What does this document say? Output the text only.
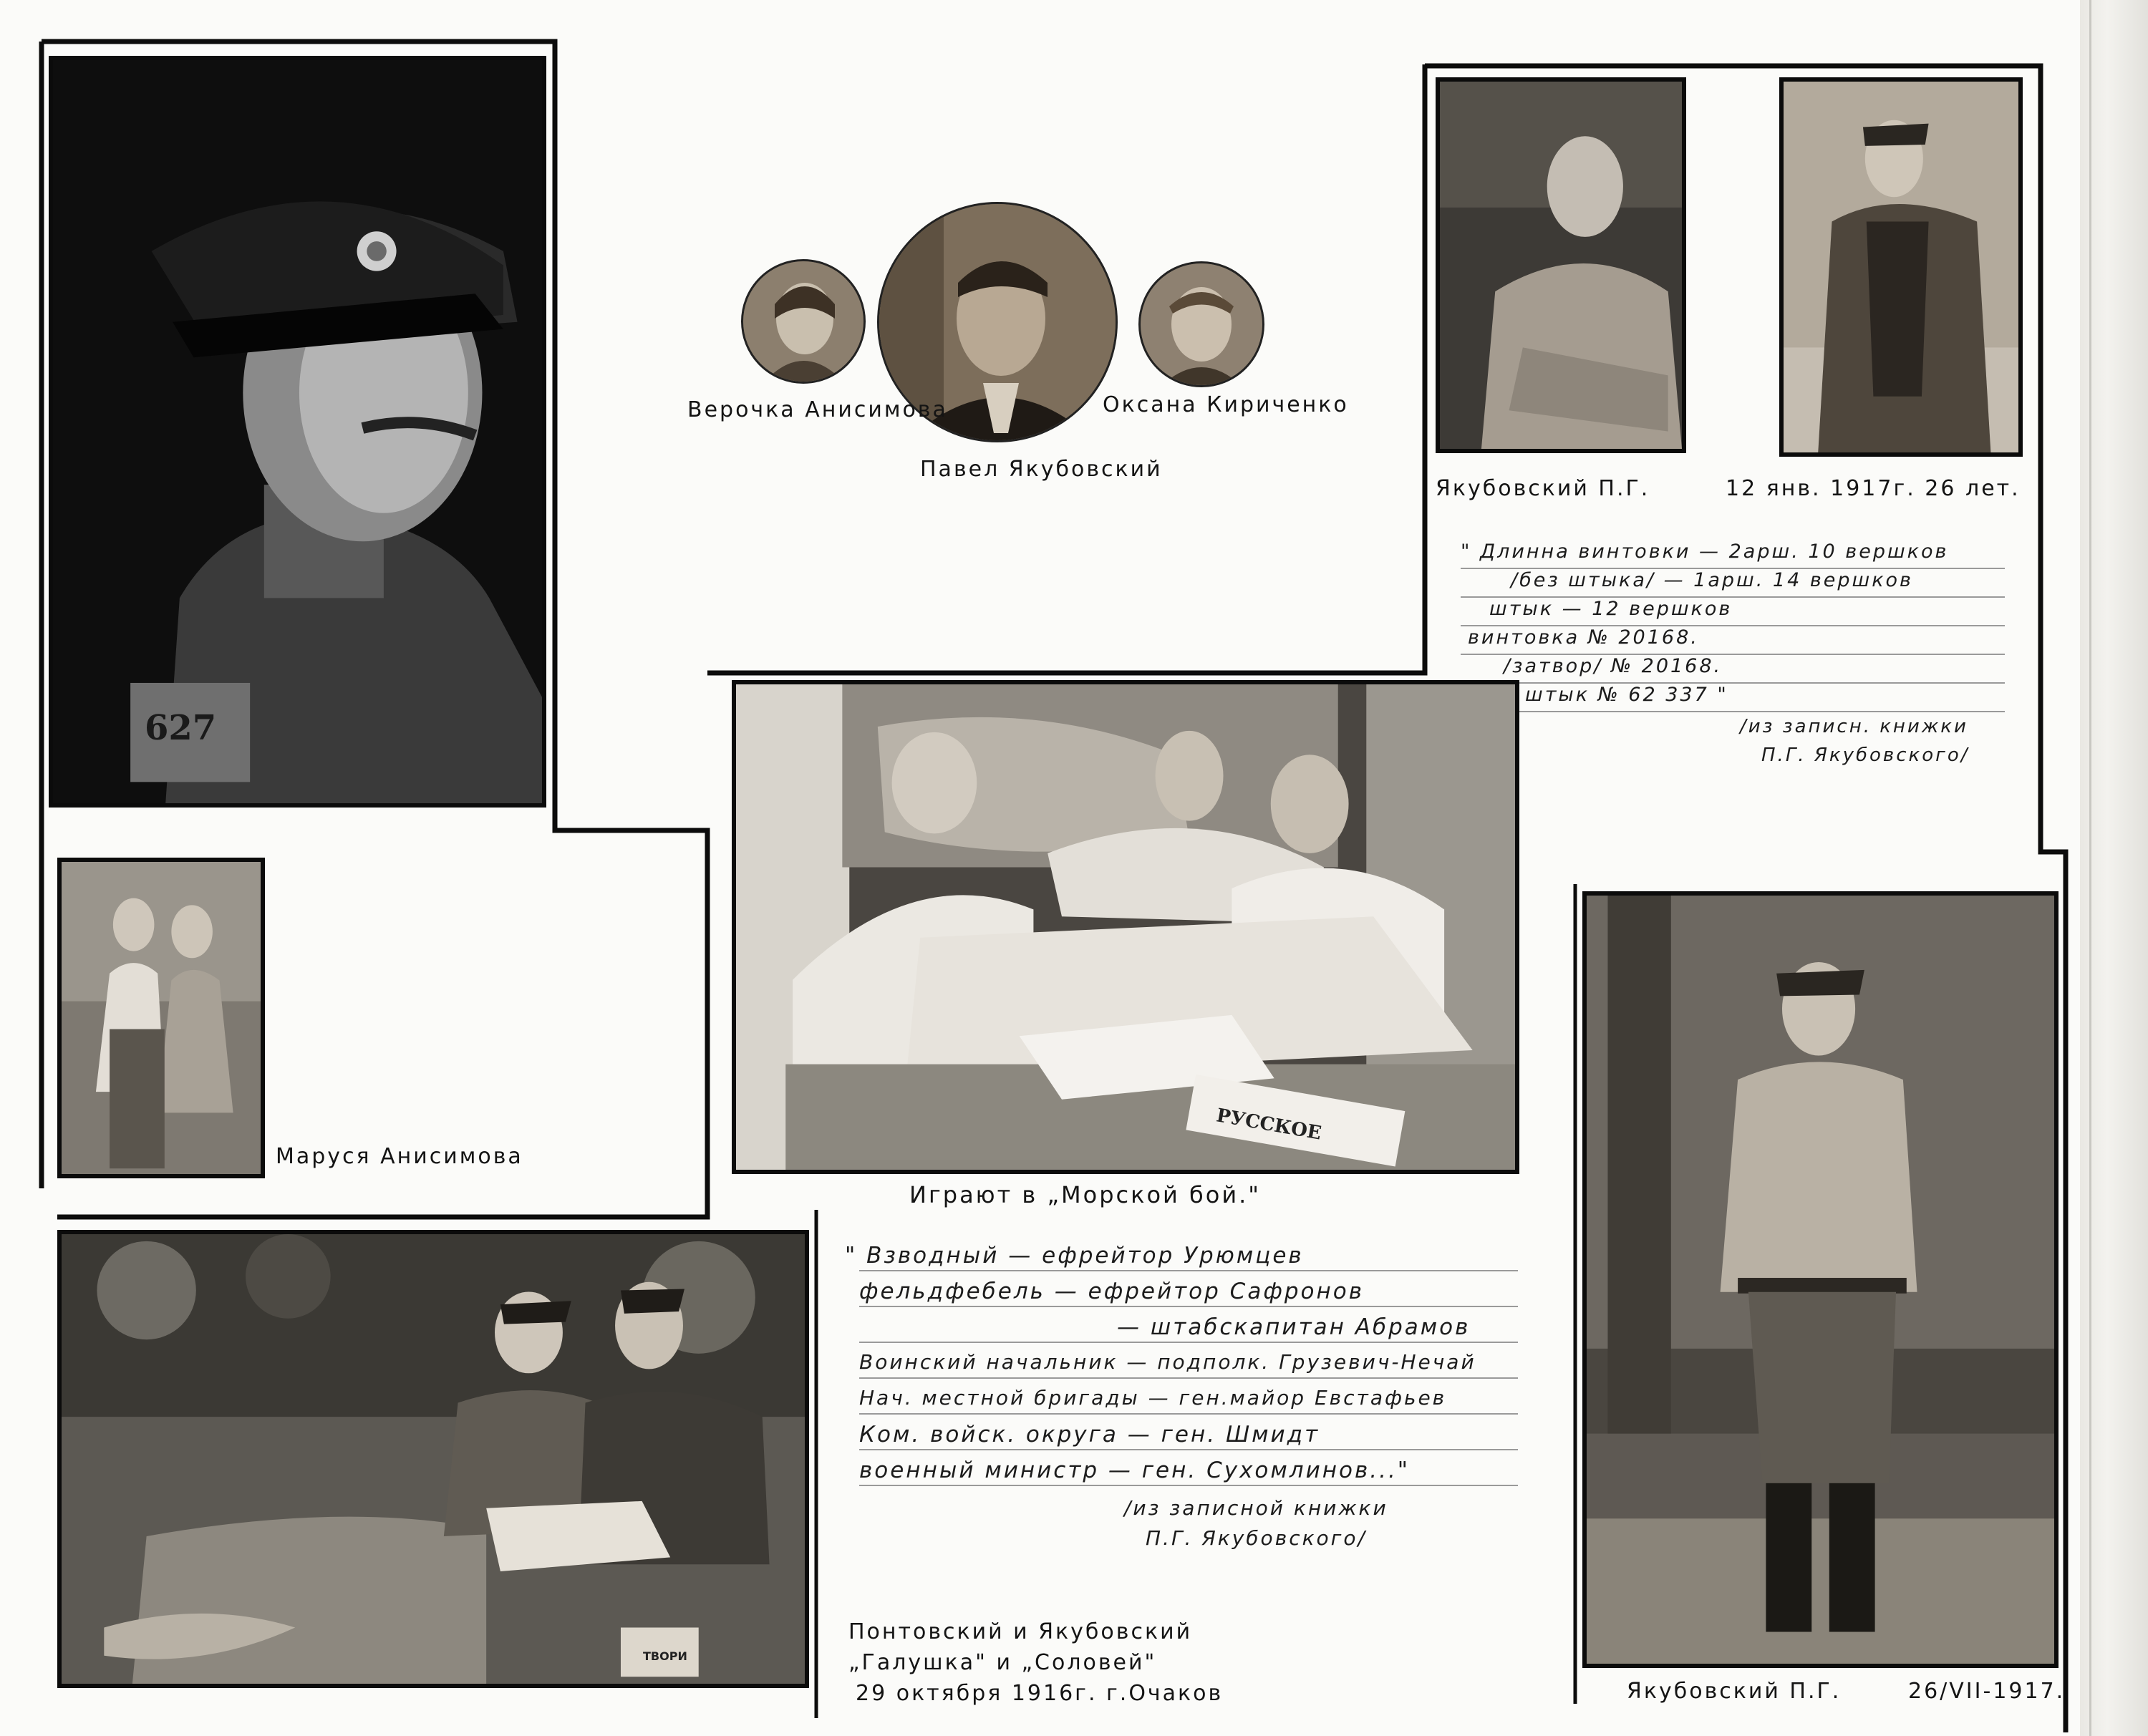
627
Верочка Анисимова
Павел Якубовский
Оксана Кириченко
Якубовский П.Г.	12 янв. 1917г. 26 лет.
" Длинна винтовки — 2арш. 10 вершков
/без штыка/ — 1арш. 14 вершков
штык — 12 вершков
винтовка № 20168.
/затвор/ № 20168.
штык № 62 337 "
/из записн. книжки
П.Г. Якубовского/
РУССКОЕ
Играют в „Морской бой."
Маруся Анисимова
ТВОРИ
Понтовский и Якубовский
„Галушка" и „Соловей"
29 октября 1916г. г.Очаков
" Взводный — ефрейтор Урюмцев
фельдфебель — ефрейтор Сафронов
— штабскапитан Абрамов
Воинский начальник — подполк. Грузевич-Нечай
Нач. местной бригады — ген.майор Евстафьев
Ком. войск. округа — ген. Шмидт
военный министр — ген. Сухомлинов..."
/из записной книжки
П.Г. Якубовского/
Якубовский П.Г.	26/VII-1917.
